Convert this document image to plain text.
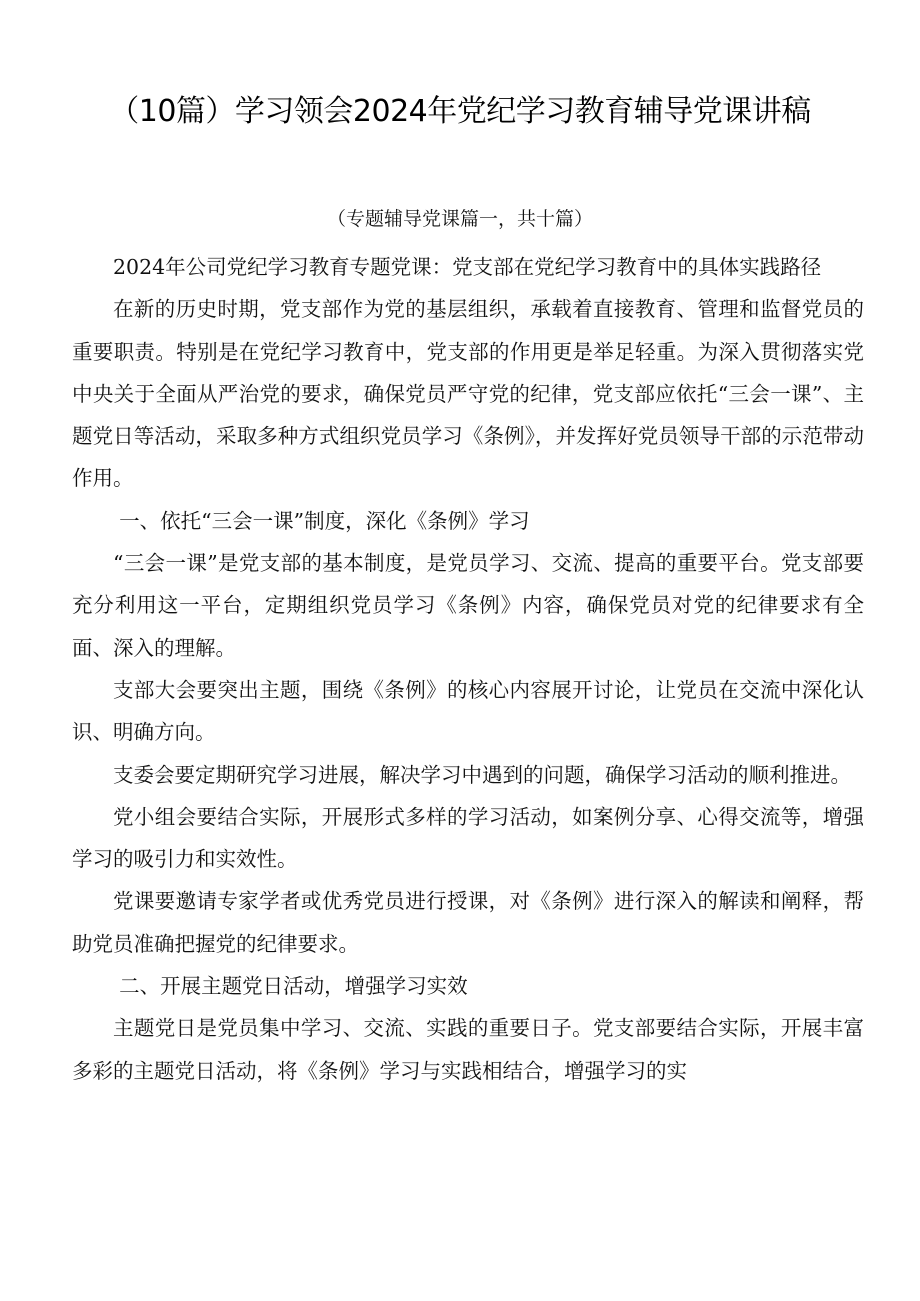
（10篇）学习领会2024年党纪学习教育辅导党课讲稿
（专题辅导党课篇一，共十篇）

2024年公司党纪学习教育专题党课：党支部在党纪学习教育中的具体实践路径

在新的历史时期，党支部作为党的基层组织，承载着直接教育、管理和监督党员的重要职责。特别是在党纪学习教育中，党支部的作用更是举足轻重。为深入贯彻落实党中央关于全面从严治党的要求，确保党员严守党的纪律，党支部应依托“三会一课”、主题党日等活动，采取多种方式组织党员学习《条例》，并发挥好党员领导干部的示范带动作用。

一、依托“三会一课”制度，深化《条例》学习

“三会一课”是党支部的基本制度，是党员学习、交流、提高的重要平台。党支部要充分利用这一平台，定期组织党员学习《条例》内容，确保党员对党的纪律要求有全面、深入的理解。

支部大会要突出主题，围绕《条例》的核心内容展开讨论，让党员在交流中深化认识、明确方向。

支委会要定期研究学习进展，解决学习中遇到的问题，确保学习活动的顺利推进。

党小组会要结合实际，开展形式多样的学习活动，如案例分享、心得交流等，增强学习的吸引力和实效性。

党课要邀请专家学者或优秀党员进行授课，对《条例》进行深入的解读和阐释，帮助党员准确把握党的纪律要求。

二、开展主题党日活动，增强学习实效

主题党日是党员集中学习、交流、实践的重要日子。党支部要结合实际，开展丰富多彩的主题党日活动，将《条例》学习与实践相结合，增强学习的实
